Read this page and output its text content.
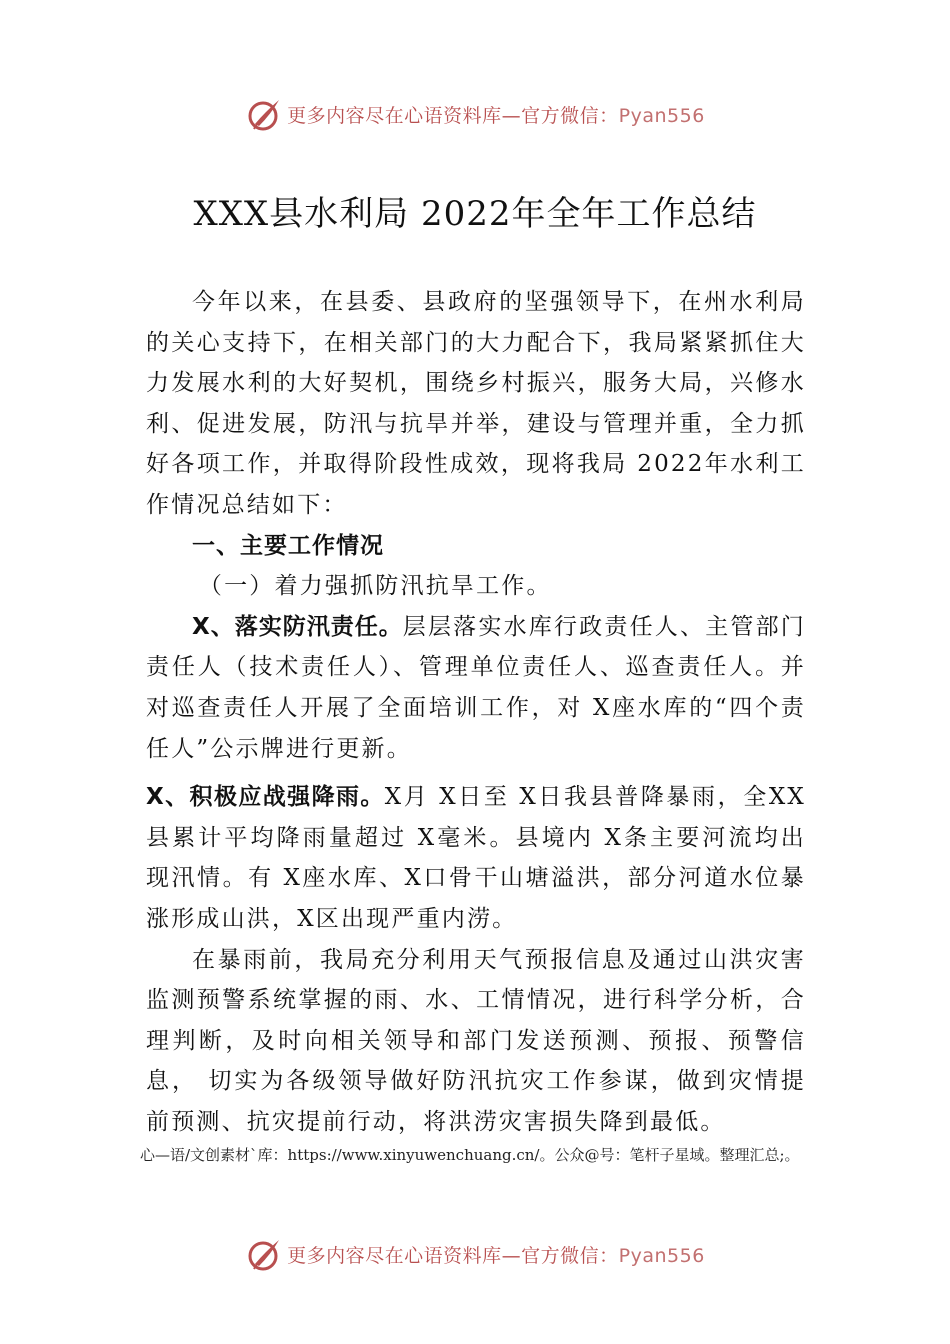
更多内容尽在心语资料库—官方微信：Pyan556
XXX县水利局 2022年全年工作总结

今年以来，在县委、县政府的坚强领导下，在州水利局的关心支持下，在相关部门的大力配合下，我局紧紧抓住大力发展水利的大好契机，围绕乡村振兴，服务大局，兴修水利、促进发展，防汛与抗旱并举，建设与管理并重，全力抓 好各项工作，并取得阶段性成效，现将我局 2022年水利工作情况总结如下：

一、主要工作情况

（一）着力强抓防汛抗旱工作。

X、落实防汛责任。层层落实水库行政责任人、主管部门责任人（技术责任人）、管理单位责任人、巡查责任人。并对巡查责任人开展了全面培训工作，对 X座水库的“四个责任人”公示牌进行更新。

X、积极应战强降雨。X月 X日至 X日我县普降暴雨，全XX县累计平均降雨量超过 X毫米。县境内 X条主要河流均出现汛情。有 X座水库、X口骨干山塘溢洪，部分河道水位暴涨形成山洪，X区出现严重内涝。

在暴雨前，我局充分利用天气预报信息及通过山洪灾害监测预警系统掌握的雨、水、工情情况，进行科学分析，合理判断，及时向相关领导和部门发送预测、预报、预警信息， 切实为各级领导做好防汛抗灾工作参谋，做到灾情提前预测、抗灾提前行动，将洪涝灾害损失降到最低。

心—语/文创素材`库：https://www.xinyuwenchuang.cn/。公众@号：笔杆子星域。整理汇总;。
更多内容尽在心语资料库—官方微信：Pyan556
